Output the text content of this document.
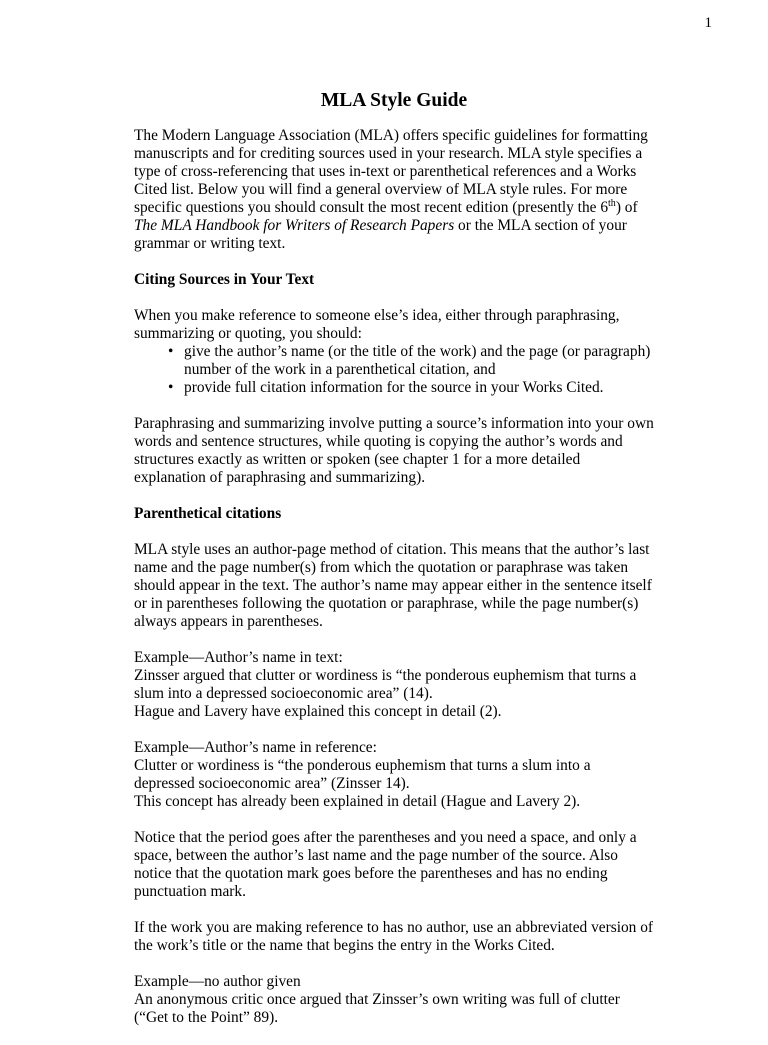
1
MLA Style Guide

The Modern Language Association (MLA) offers specific guidelines for formatting manuscripts and for crediting sources used in your research. MLA style specifies a type of cross-referencing that uses in-text or parenthetical references and a Works Cited list. Below you will find a general overview of MLA style rules. For more specific questions you should consult the most recent edition (presently the 6th) of The MLA Handbook for Writers of Research Papers or the MLA section of your grammar or writing text.

Citing Sources in Your Text
When you make reference to someone else’s idea, either through paraphrasing, summarizing or quoting, you should:
• give the author’s name (or the title of the work) and the page (or paragraph) number of the work in a parenthetical citation, and
• provide full citation information for the source in your Works Cited.

Paraphrasing and summarizing involve putting a source’s information into your own words and sentence structures, while quoting is copying the author’s words and structures exactly as written or spoken (see chapter 1 for a more detailed explanation of paraphrasing and summarizing).

Parenthetical citations

MLA style uses an author-page method of citation. This means that the author’s last name and the page number(s) from which the quotation or paraphrase was taken should appear in the text. The author’s name may appear either in the sentence itself or in parentheses following the quotation or paraphrase, while the page number(s) always appears in parentheses.

Example—Author’s name in text:
Zinsser argued that clutter or wordiness is “the ponderous euphemism that turns a slum into a depressed socioeconomic area” (14).
Hague and Lavery have explained this concept in detail (2).

Example—Author’s name in reference:
Clutter or wordiness is “the ponderous euphemism that turns a slum into a depressed socioeconomic area” (Zinsser 14).
This concept has already been explained in detail (Hague and Lavery 2).

Notice that the period goes after the parentheses and you need a space, and only a space, between the author’s last name and the page number of the source. Also notice that the quotation mark goes before the parentheses and has no ending punctuation mark.

If the work you are making reference to has no author, use an abbreviated version of the work’s title or the name that begins the entry in the Works Cited.

Example—no author given
An anonymous critic once argued that Zinsser’s own writing was full of clutter (“Get to the Point” 89).
